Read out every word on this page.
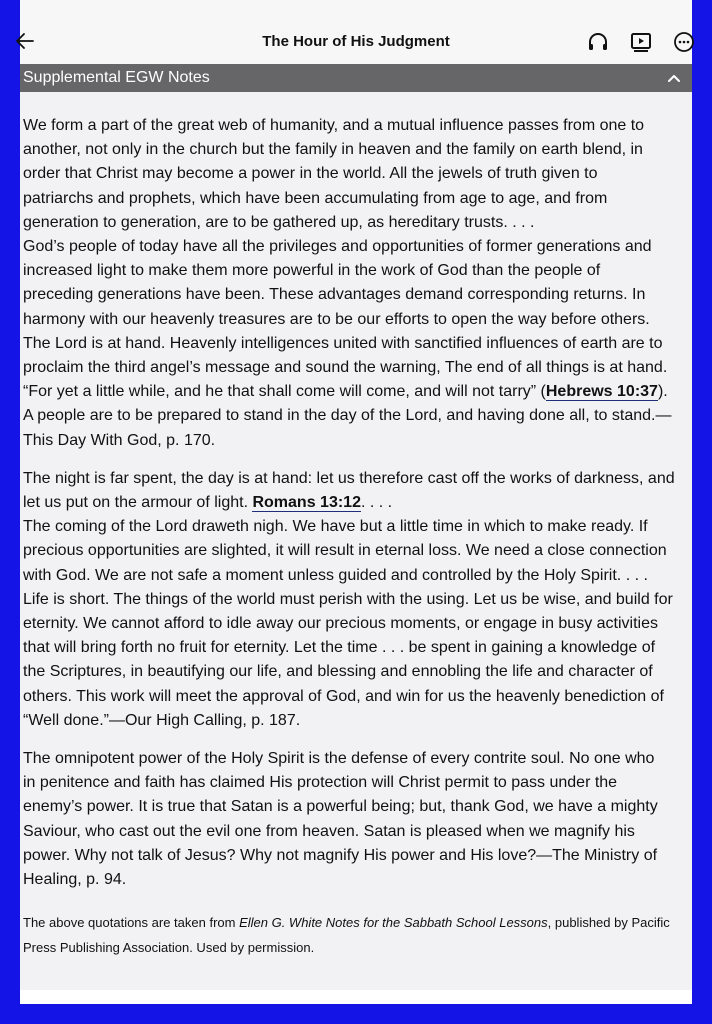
The Hour of His Judgment
Supplemental EGW Notes
We form a part of the great web of humanity, and a mutual influence passes from one to
another, not only in the church but the family in heaven and the family on earth blend, in
order that Christ may become a power in the world. All the jewels of truth given to
patriarchs and prophets, which have been accumulating from age to age, and from
generation to generation, are to be gathered up, as hereditary trusts. . . .
God’s people of today have all the privileges and opportunities of former generations and
increased light to make them more powerful in the work of God than the people of
preceding generations have been. These advantages demand corresponding returns. In
harmony with our heavenly treasures are to be our efforts to open the way before others.
The Lord is at hand. Heavenly intelligences united with sanctified influences of earth are to
proclaim the third angel’s message and sound the warning, The end of all things is at hand.
“For yet a little while, and he that shall come will come, and will not tarry” (Hebrews 10:37).
A people are to be prepared to stand in the day of the Lord, and having done all, to stand.—
This Day With God, p. 170.
The night is far spent, the day is at hand: let us therefore cast off the works of darkness, and
let us put on the armour of light. Romans 13:12. . . .
The coming of the Lord draweth nigh. We have but a little time in which to make ready. If
precious opportunities are slighted, it will result in eternal loss. We need a close connection
with God. We are not safe a moment unless guided and controlled by the Holy Spirit. . . .
Life is short. The things of the world must perish with the using. Let us be wise, and build for
eternity. We cannot afford to idle away our precious moments, or engage in busy activities
that will bring forth no fruit for eternity. Let the time . . . be spent in gaining a knowledge of
the Scriptures, in beautifying our life, and blessing and ennobling the life and character of
others. This work will meet the approval of God, and win for us the heavenly benediction of
“Well done.”—Our High Calling, p. 187.
The omnipotent power of the Holy Spirit is the defense of every contrite soul. No one who
in penitence and faith has claimed His protection will Christ permit to pass under the
enemy’s power. It is true that Satan is a powerful being; but, thank God, we have a mighty
Saviour, who cast out the evil one from heaven. Satan is pleased when we magnify his
power. Why not talk of Jesus? Why not magnify His power and His love?—The Ministry of
Healing, p. 94.
The above quotations are taken from Ellen G. White Notes for the Sabbath School Lessons, published by Pacific
Press Publishing Association. Used by permission.
